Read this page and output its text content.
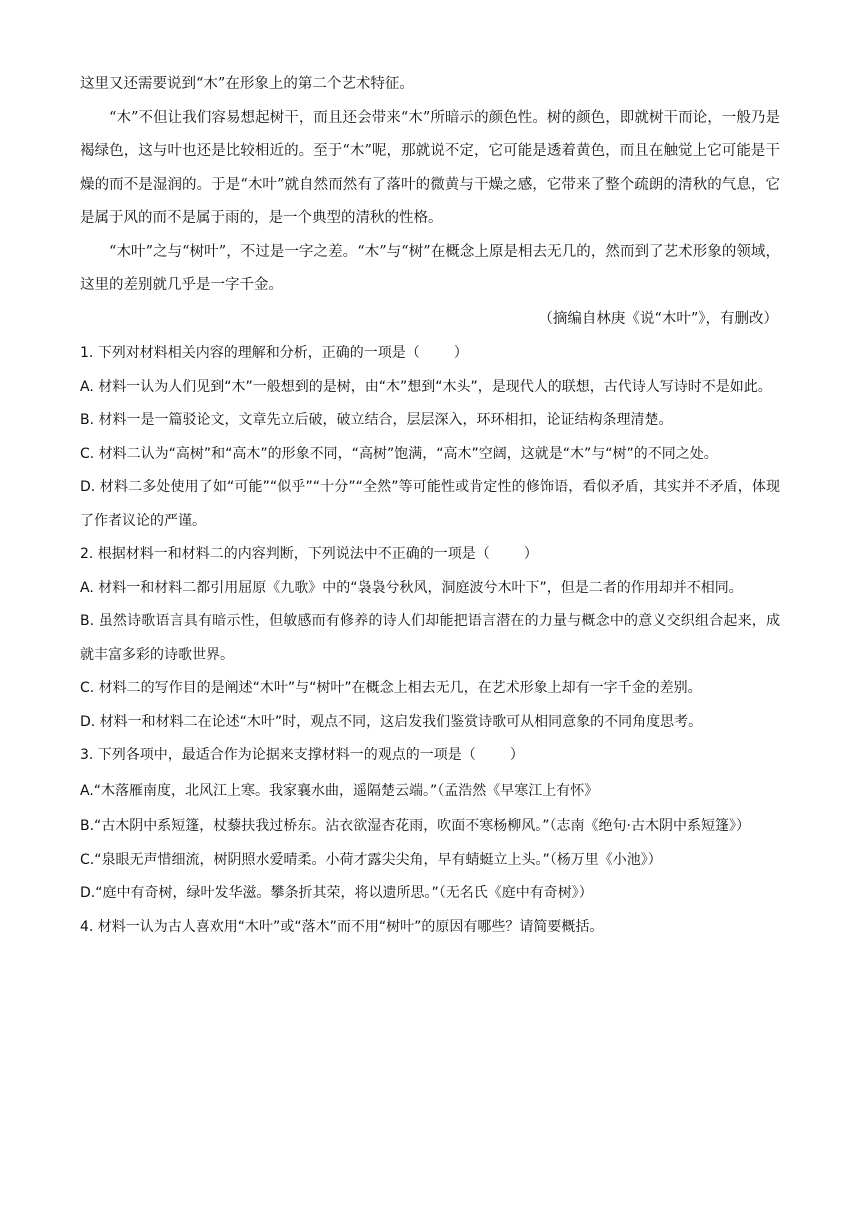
这里又还需要说到“木”在形象上的第二个艺术特征。

“木”不但让我们容易想起树干，而且还会带来“木”所暗示的颜色性。树的颜色，即就树干而论，一般乃是褐绿色，这与叶也还是比较相近的。至于“木”呢，那就说不定，它可能是透着黄色，而且在触觉上它可能是干燥的而不是湿润的。于是“木叶”就自然而然有了落叶的微黄与干燥之感，它带来了整个疏朗的清秋的气息，它是属于风的而不是属于雨的，是一个典型的清秋的性格。

“木叶”之与“树叶”，不过是一字之差。“木”与“树”在概念上原是相去无几的，然而到了艺术形象的领域，这里的差别就几乎是一字千金。

（摘编自林庚《说“木叶”》，有删改）

1. 下列对材料相关内容的理解和分析，正确的一项是（ ）

A. 材料一认为人们见到“木”一般想到的是树，由“木”想到“木头”，是现代人的联想，古代诗人写诗时不是如此。

B. 材料一是一篇驳论文，文章先立后破，破立结合，层层深入，环环相扣，论证结构条理清楚。

C. 材料二认为“高树”和“高木”的形象不同，“高树”饱满，“高木”空阔，这就是“木”与“树”的不同之处。

D. 材料二多处使用了如“可能”“似乎”“十分”“全然”等可能性或肯定性的修饰语，看似矛盾，其实并不矛盾，体现了作者议论的严谨。

2. 根据材料一和材料二的内容判断，下列说法中不正确的一项是（ ）

A. 材料一和材料二都引用屈原《九歌》中的“袅袅兮秋风，洞庭波兮木叶下”，但是二者的作用却并不相同。

B. 虽然诗歌语言具有暗示性，但敏感而有修养的诗人们却能把语言潜在的力量与概念中的意义交织组合起来，成就丰富多彩的诗歌世界。

C. 材料二的写作目的是阐述“木叶”与“树叶”在概念上相去无几，在艺术形象上却有一字千金的差别。

D. 材料一和材料二在论述“木叶”时，观点不同，这启发我们鉴赏诗歌可从相同意象的不同角度思考。

3. 下列各项中，最适合作为论据来支撑材料一的观点的一项是（ ）

A.“木落雁南度，北风江上寒。我家襄水曲，遥隔楚云端。”（孟浩然《早寒江上有怀》

B.“古木阴中系短篷，杖藜扶我过桥东。沾衣欲湿杏花雨，吹面不寒杨柳风。”（志南《绝句·古木阴中系短篷》）

C.“泉眼无声惜细流，树阴照水爱晴柔。小荷才露尖尖角，早有蜻蜓立上头。”（杨万里《小池》）

D.“庭中有奇树，绿叶发华滋。攀条折其荣，将以遗所思。”（无名氏《庭中有奇树》）

4. 材料一认为古人喜欢用“木叶”或“落木”而不用“树叶”的原因有哪些？请简要概括。
